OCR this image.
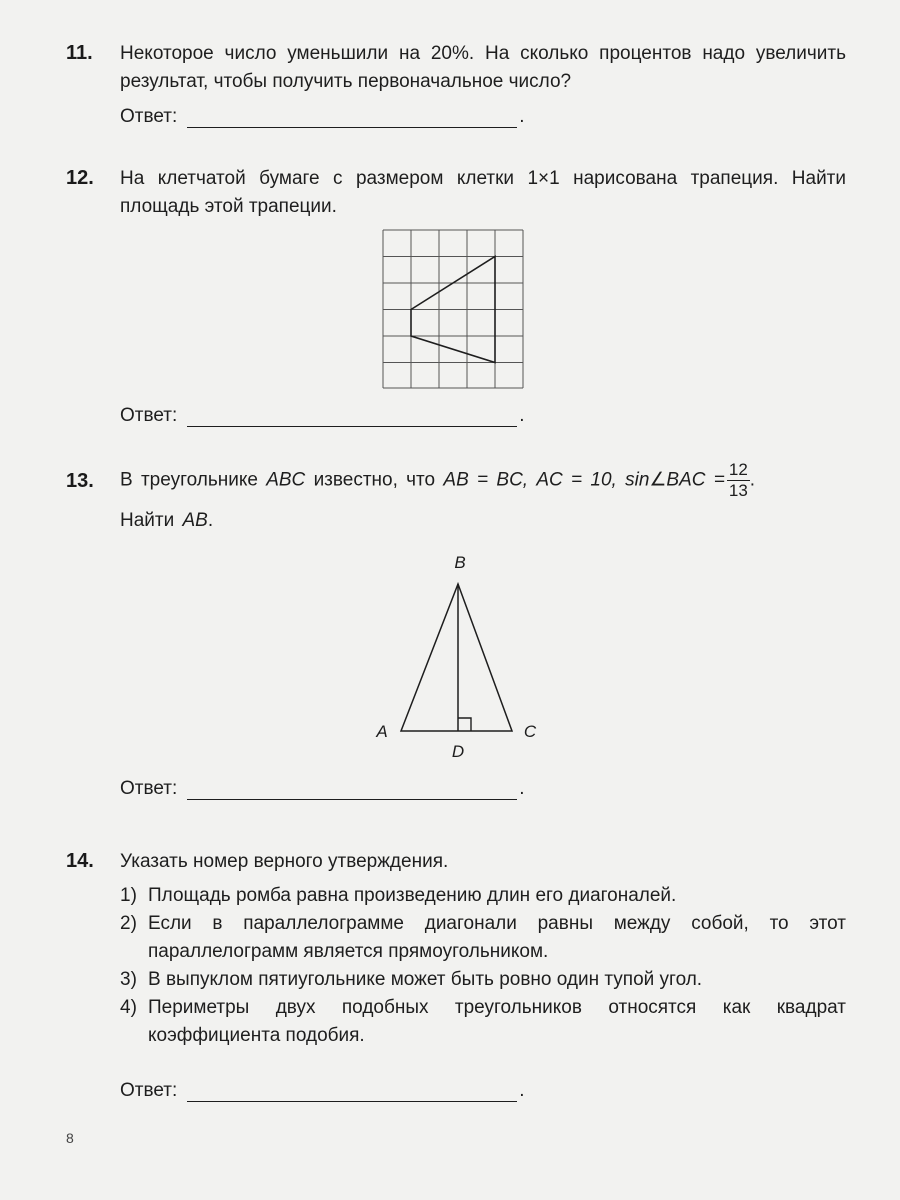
11. Некоторое число уменьшили на 20%. На сколько процентов надо увеличить результат, чтобы получить первоначальное число?
Ответ:	.
12. На клетчатой бумаге с размером клетки 1×1 нарисована трапеция. Найти площадь этой трапеции.
Ответ:	.
13. В треугольнике ABC известно, что AB = BC, AC = 10, sin∠BAC = $\frac{12}{13}$ .
Найти AB.
B
A	C
D
Ответ:	.
14. Указать номер верного утверждения.
1) Площадь ромба равна произведению длин его диагоналей.
2) Если в параллелограмме диагонали равны между собой, то этот параллелограмм является прямоугольником.
3) В выпуклом пятиугольнике может быть ровно один тупой угол.
4) Периметры двух подобных треугольников относятся как квадрат коэффициента подобия.
Ответ:	.
8
